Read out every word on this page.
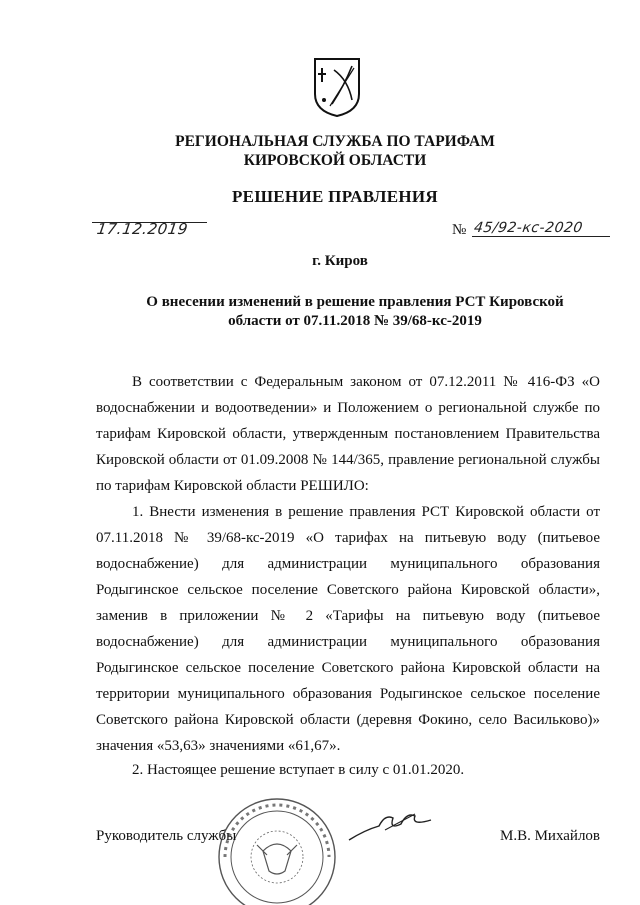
РЕГИОНАЛЬНАЯ СЛУЖБА ПО ТАРИФАМ
КИРОВСКОЙ ОБЛАСТИ
РЕШЕНИЕ ПРАВЛЕНИЯ
17.12.2019	№ 45/92-кс-2020
г. Киров
О внесении изменений в решение правления РСТ Кировской
области от 07.11.2018 № 39/68-кс-2019

В соответствии с Федеральным законом от 07.12.2011 № 416-ФЗ «О водоснабжении и водоотведении» и Положением о региональной службе по тарифам Кировской области, утвержденным постановлением Правительства Кировской области от 01.09.2008 № 144/365, правление региональной службы по тарифам Кировской области РЕШИЛО:

1. Внести изменения в решение правления РСТ Кировской области от 07.11.2018 № 39/68-кс-2019 «О тарифах на питьевую воду (питьевое водоснабжение) для администрации муниципального образования Родыгинское сельское поселение Советского района Кировской области», заменив в приложении № 2 «Тарифы на питьевую воду (питьевое водоснабжение) для администрации муниципального образования Родыгинское сельское поселение Советского района Кировской области на территории муниципального образования Родыгинское сельское поселение Советского района Кировской области (деревня Фокино, село Васильково)» значения «53,63» значениями «61,67».

2. Настоящее решение вступает в силу с 01.01.2020.

Руководитель службы	М.В. Михайлов
